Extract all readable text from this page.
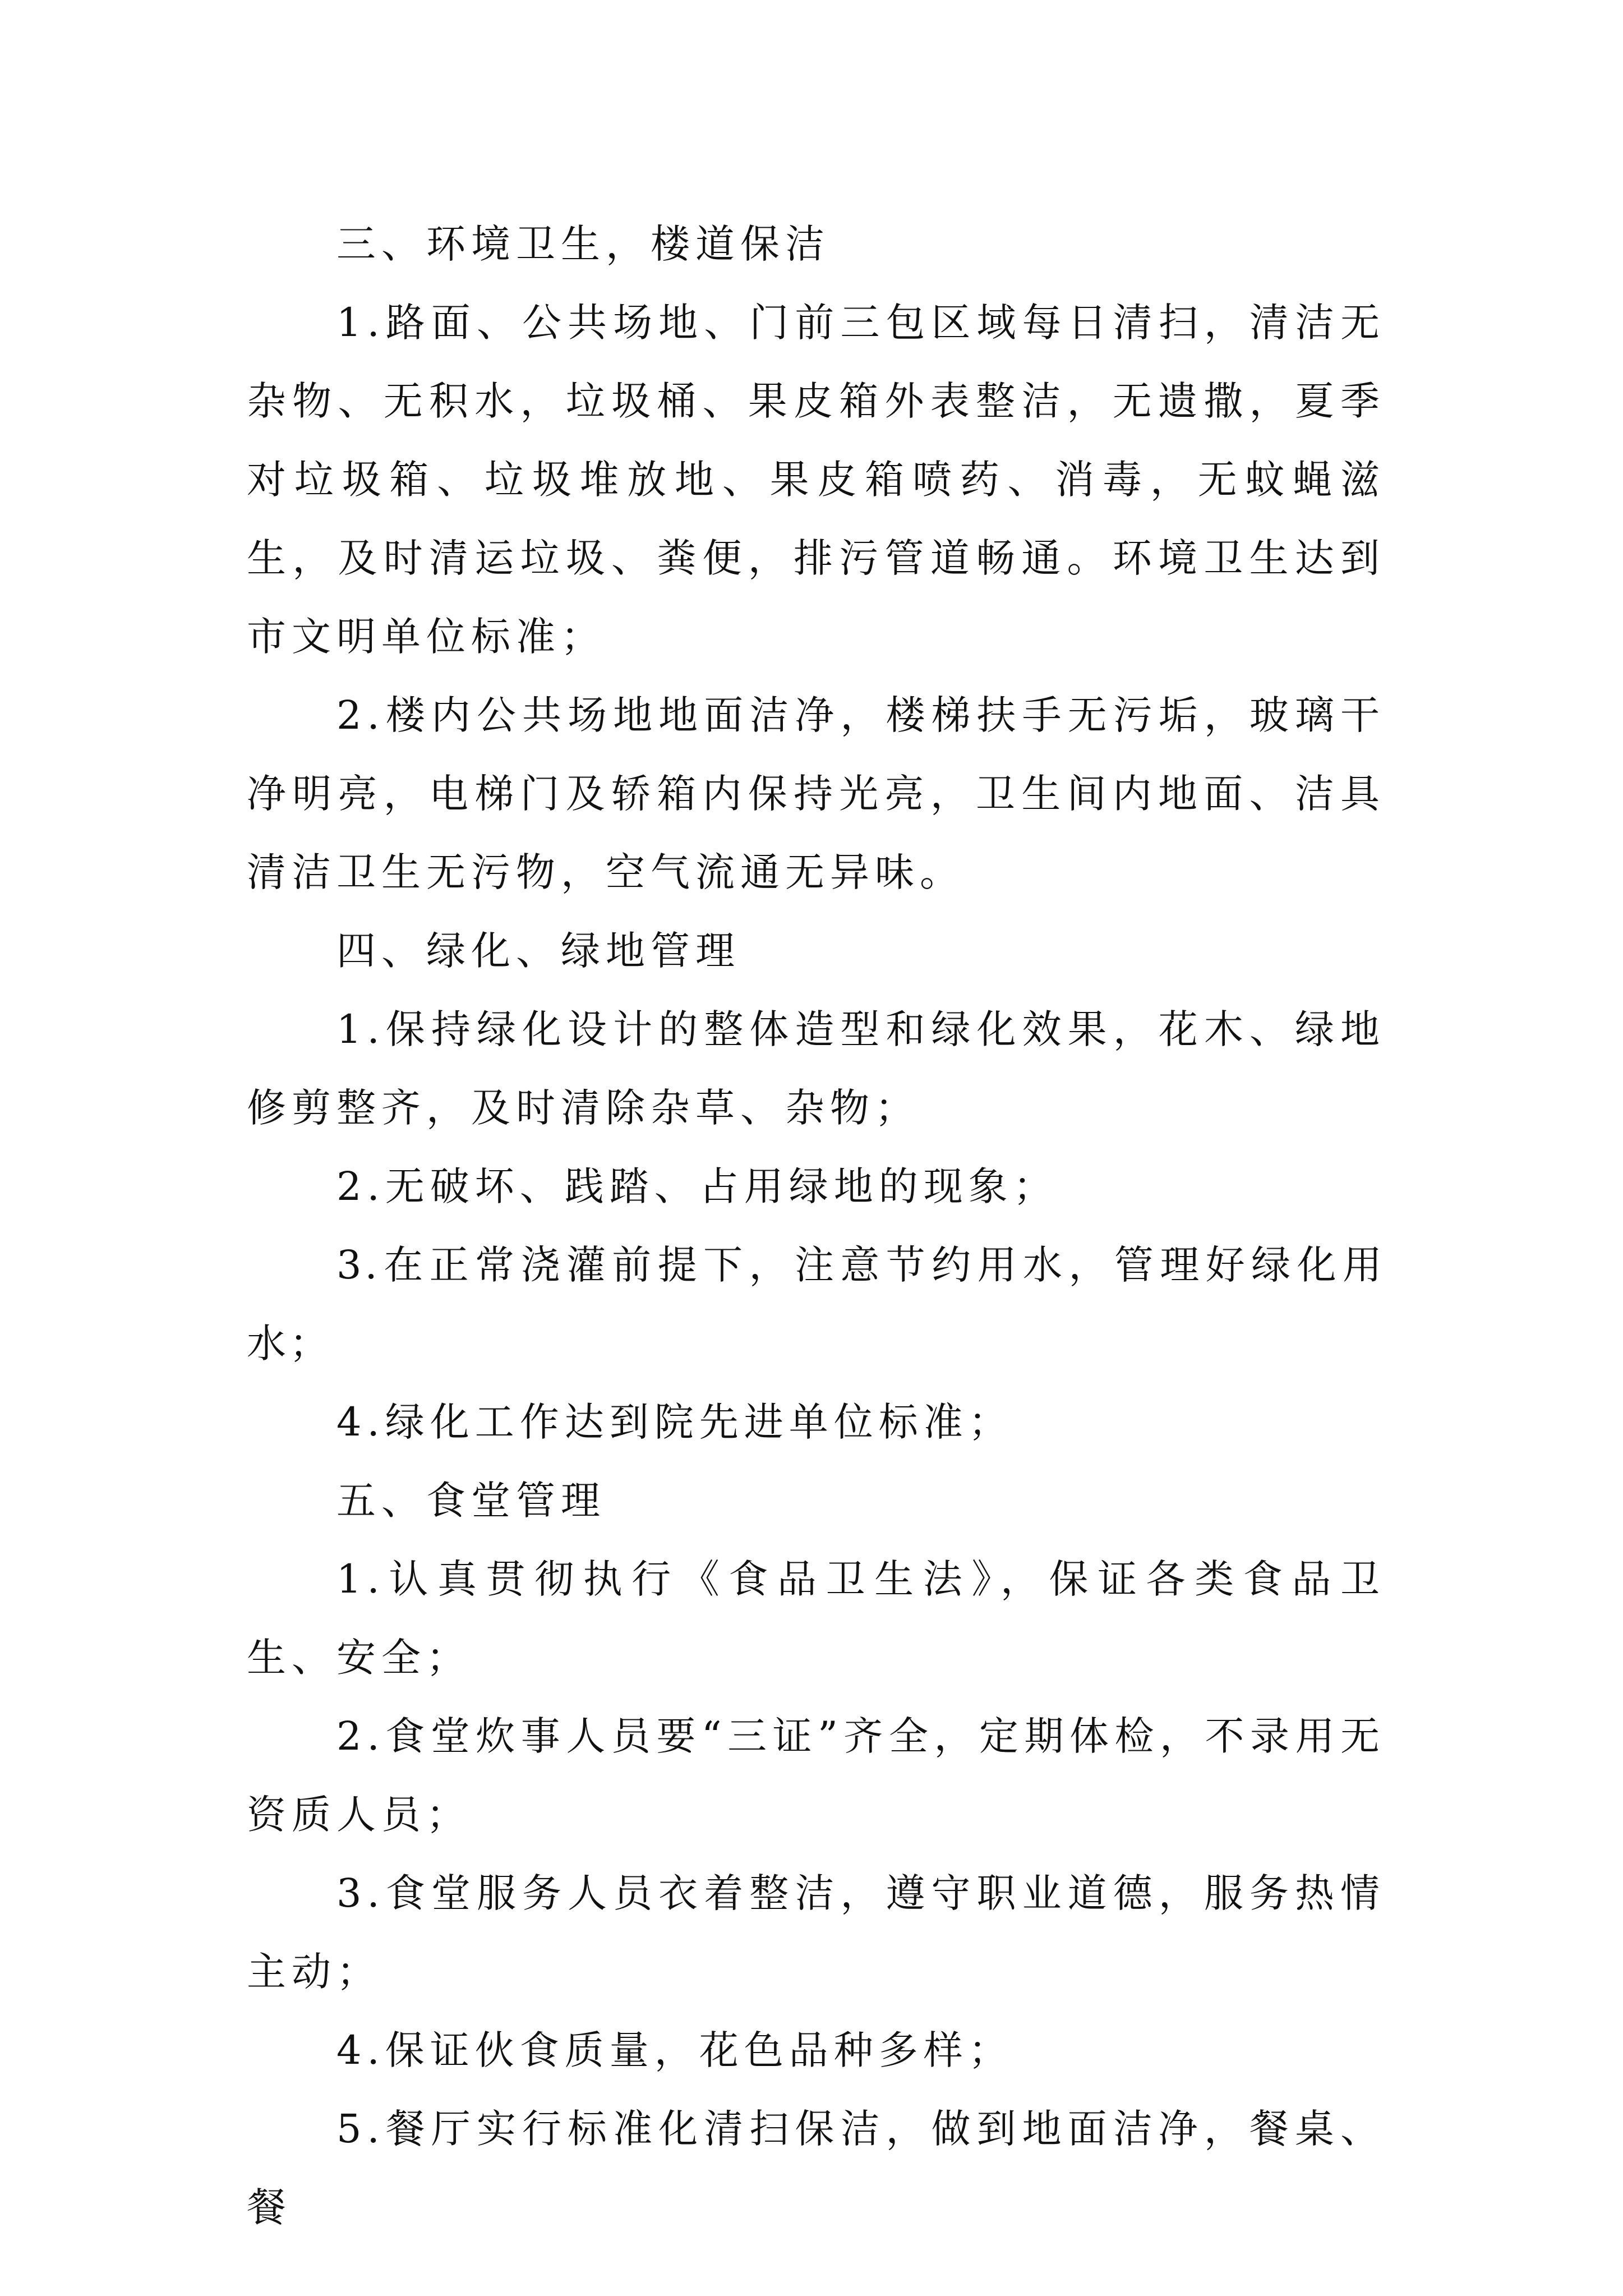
三、环境卫生，楼道保洁

1.路面、公共场地、门前三包区域每日清扫，清洁无杂物、无积水，垃圾桶、果皮箱外表整洁，无遗撒，夏季对垃圾箱、垃圾堆放地、果皮箱喷药、消毒，无蚊蝇滋生，及时清运垃圾、粪便，排污管道畅通。环境卫生达到市文明单位标准；

2.楼内公共场地地面洁净，楼梯扶手无污垢，玻璃干净明亮，电梯门及轿箱内保持光亮，卫生间内地面、洁具清洁卫生无污物，空气流通无异味。

四、绿化、绿地管理

1.保持绿化设计的整体造型和绿化效果，花木、绿地修剪整齐，及时清除杂草、杂物；

2.无破坏、践踏、占用绿地的现象；

3.在正常浇灌前提下，注意节约用水，管理好绿化用水；

4.绿化工作达到院先进单位标准；

五、食堂管理

1.认真贯彻执行《食品卫生法》，保证各类食品卫生、安全；

2.食堂炊事人员要“三证”齐全，定期体检，不录用无资质人员；

3.食堂服务人员衣着整洁，遵守职业道德，服务热情主动；

4.保证伙食质量，花色品种多样；

5.餐厅实行标准化清扫保洁，做到地面洁净，餐桌、餐
